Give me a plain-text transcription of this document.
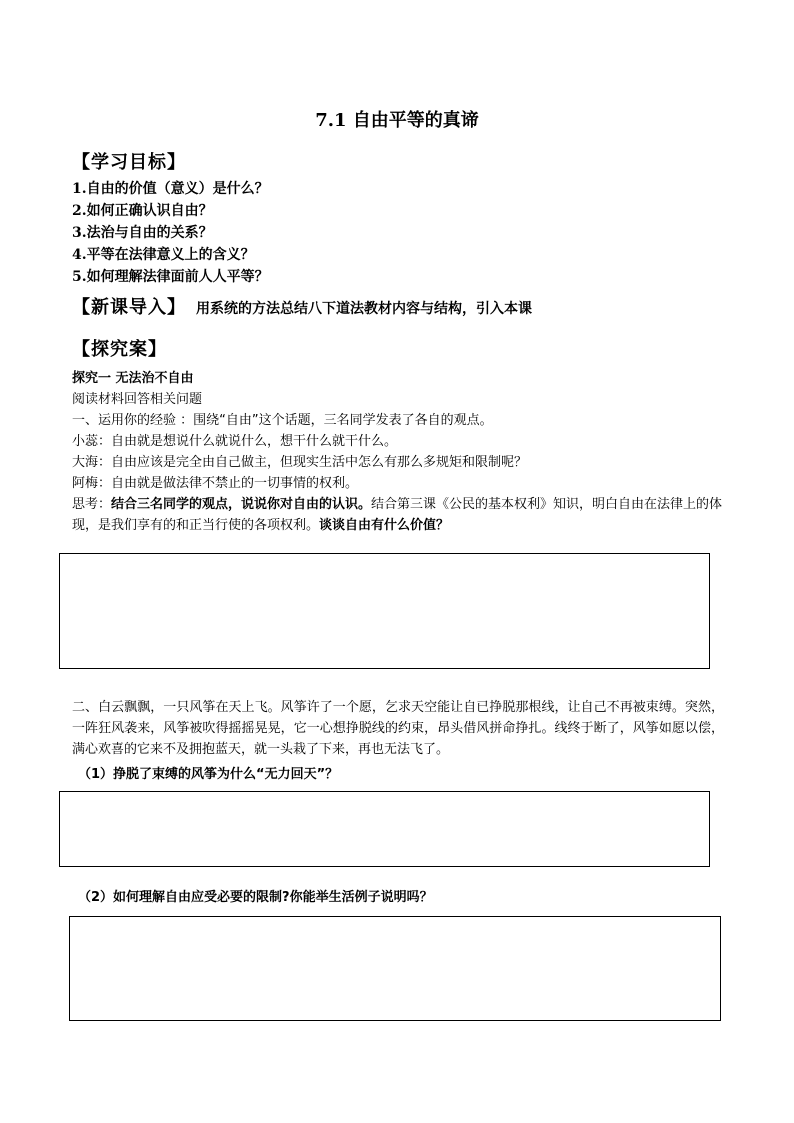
7.1 自由平等的真谛
【学习目标】
1.自由的价值（意义）是什么？
2.如何正确认识自由？
3.法治与自由的关系？
4.平等在法律意义上的含义？
5.如何理解法律面前人人平等？
【新课导入】 用系统的方法总结八下道法教材内容与结构，引入本课
【探究案】

探究一 无法治不自由

阅读材料回答相关问题

一、运用你的经验 ：围绕“自由”这个话题，三名同学发表了各自的观点。

小蕊：自由就是想说什么就说什么，想干什么就干什么。

大海：自由应该是完全由自己做主，但现实生活中怎么有那么多规矩和限制呢？

阿梅：自由就是做法律不禁止的一切事情的权利。

思考：结合三名同学的观点，说说你对自由的认识。结合第三课《公民的基本权利》知识，明白自由在法律上的体现，是我们享有的和正当行使的各项权利。谈谈自由有什么价值？

二、白云飘飘，一只风筝在天上飞。风筝许了一个愿，乞求天空能让自已挣脱那根线，让自己不再被束缚。突然，一阵狂风袭来，风筝被吹得摇摇晃晃，它一心想挣脱线的约束，昂头借风拼命挣扎。线终于断了，风筝如愿以偿，满心欢喜的它来不及拥抱蓝天，就一头栽了下来，再也无法飞了。
（1）挣脱了束缚的风筝为什么“无力回天”？
（2）如何理解自由应受必要的限制?你能举生活例子说明吗？
